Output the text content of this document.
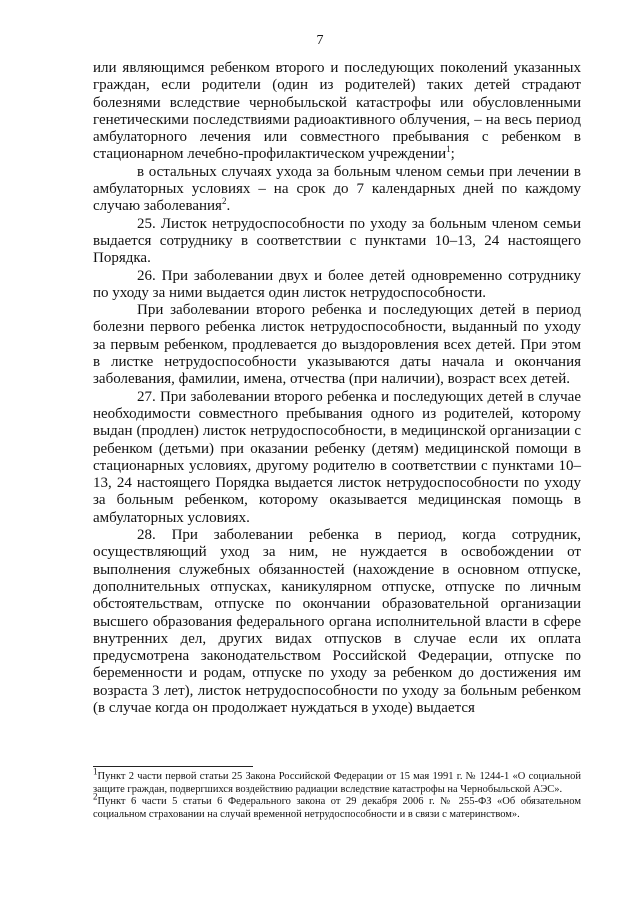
7

или являющимся ребенком второго и последующих поколений указанных граждан, если родители (один из родителей) таких детей страдают болезнями вследствие чернобыльской катастрофы или обусловленными генетическими последствиями радиоактивного облучения, – на весь период амбулаторного лечения или совместного пребывания с ребенком в стационарном лечебно-профилактическом учреждении$^1$;

в остальных случаях ухода за больным членом семьи при лечении в амбулаторных условиях – на срок до 7 календарных дней по каждому случаю заболевания$^2$.

25. Листок нетрудоспособности по уходу за больным членом семьи выдается сотруднику в соответствии с пунктами 10–13, 24 настоящего Порядка.

26. При заболевании двух и более детей одновременно сотруднику по уходу за ними выдается один листок нетрудоспособности.

При заболевании второго ребенка и последующих детей в период болезни первого ребенка листок нетрудоспособности, выданный по уходу за первым ребенком, продлевается до выздоровления всех детей. При этом в листке нетрудоспособности указываются даты начала и окончания заболевания, фамилии, имена, отчества (при наличии), возраст всех детей.

27. При заболевании второго ребенка и последующих детей в случае необходимости совместного пребывания одного из родителей, которому выдан (продлен) листок нетрудоспособности, в медицинской организации с ребенком (детьми) при оказании ребенку (детям) медицинской помощи в стационарных условиях, другому родителю в соответствии с пунктами 10–13, 24 настоящего Порядка выдается листок нетрудоспособности по уходу за больным ребенком, которому оказывается медицинская помощь в амбулаторных условиях.

28. При заболевании ребенка в период, когда сотрудник, осуществляющий уход за ним, не нуждается в освобождении от выполнения служебных обязанностей (нахождение в основном отпуске, дополнительных отпусках, каникулярном отпуске, отпуске по личным обстоятельствам, отпуске по окончании образовательной организации высшего образования федерального органа исполнительной власти в сфере внутренних дел, других видах отпусков в случае если их оплата предусмотрена законодательством Российской Федерации, отпуске по беременности и родам, отпуске по уходу за ребенком до достижения им возраста 3 лет), листок нетрудоспособности по уходу за больным ребенком (в случае когда он продолжает нуждаться в уходе) выдается

$^1$Пункт 2 части первой статьи 25 Закона Российской Федерации от 15 мая 1991 г. № 1244-1 «О социальной защите граждан, подвергшихся воздействию радиации вследствие катастрофы на Чернобыльской АЭС».

$^2$Пункт 6 части 5 статьи 6 Федерального закона от 29 декабря 2006 г. № 255-ФЗ «Об обязательном социальном страховании на случай временной нетрудоспособности и в связи с материнством».
